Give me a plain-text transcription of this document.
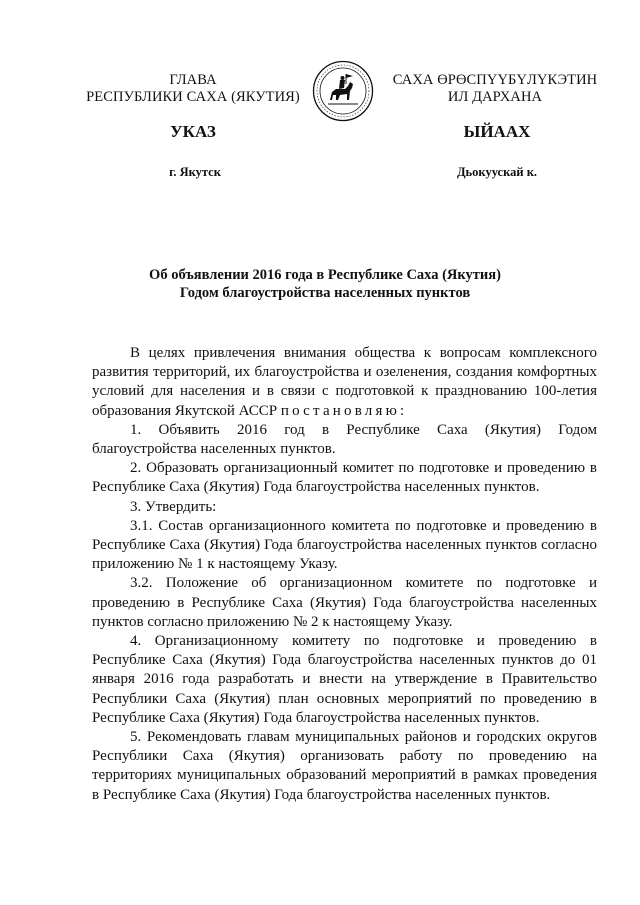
ГЛАВА
РЕСПУБЛИКИ САХА (ЯКУТИЯ)
САХА ӨРӨСПҮҮБҮЛҮКЭТИН
ИЛ ДАРХАНА
УКАЗ	ЫЙААХ
г. Якутск	Дьокуускай к.
Об объявлении 2016 года в Республике Саха (Якутия)
Годом благоустройства населенных пунктов

В целях привлечения внимания общества к вопросам комплексного развития территорий, их благоустройства и озеленения, создания комфортных условий для населения и в связи с подготовкой к празднованию 100-летия образования Якутской АССР постановляю:

1. Объявить 2016 год в Республике Саха (Якутия) Годом благоустройства населенных пунктов.

2. Образовать организационный комитет по подготовке и проведению в Республике Саха (Якутия) Года благоустройства населенных пунктов.

3. Утвердить:

3.1. Состав организационного комитета по подготовке и проведению в Республике Саха (Якутия) Года благоустройства населенных пунктов согласно приложению № 1 к настоящему Указу.

3.2. Положение об организационном комитете по подготовке и проведению в Республике Саха (Якутия) Года благоустройства населенных пунктов согласно приложению № 2 к настоящему Указу.

4. Организационному комитету по подготовке и проведению в Республике Саха (Якутия) Года благоустройства населенных пунктов до 01 января 2016 года разработать и внести на утверждение в Правительство Республики Саха (Якутия) план основных мероприятий по проведению в Республике Саха (Якутия) Года благоустройства населенных пунктов.

5. Рекомендовать главам муниципальных районов и городских округов Республики Саха (Якутия) организовать работу по проведению на территориях муниципальных образований мероприятий в рамках проведения в Республике Саха (Якутия) Года благоустройства населенных пунктов.
